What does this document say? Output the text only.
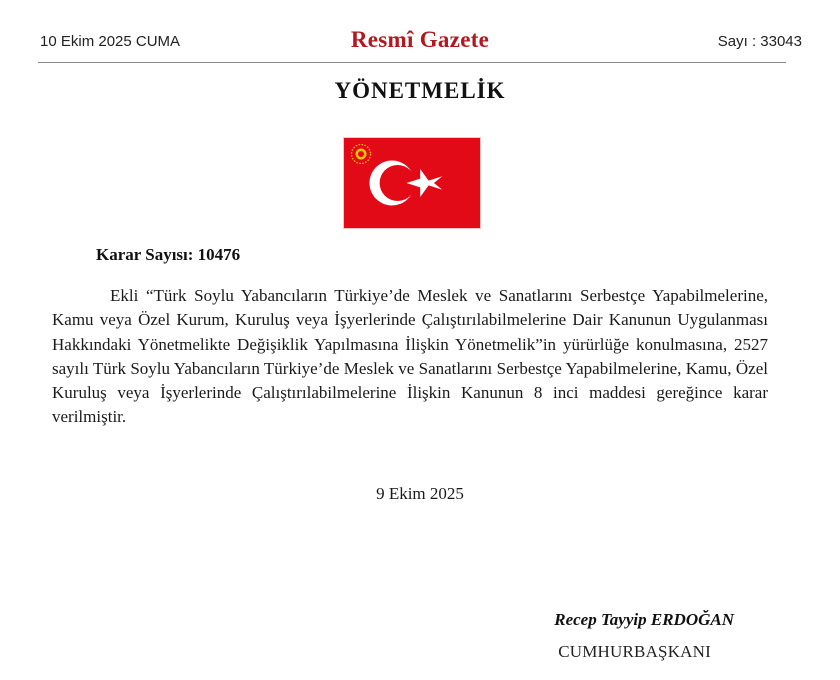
10 Ekim 2025 CUMA	Resmî Gazete	Sayı : 33043
YÖNETMELİK
Karar Sayısı: 10476
Ekli “Türk Soylu Yabancıların Türkiye’de Meslek ve Sanatlarını Serbestçe Yapabilmelerine, Kamu veya Özel Kurum, Kuruluş veya İşyerlerinde Çalıştırılabilmelerine Dair Kanunun Uygulanması Hakkındaki Yönetmelikte Değişiklik Yapılmasına İlişkin Yönetmelik”in yürürlüğe konulmasına, 2527 sayılı Türk Soylu Yabancıların Türkiye’de Meslek ve Sanatlarını Serbestçe Yapabilmelerine, Kamu, Özel Kuruluş veya İşyerlerinde Çalıştırılabilmelerine İlişkin Kanunun 8 inci maddesi gereğince karar verilmiştir.
9 Ekim 2025
Recep Tayyip ERDOĞAN
CUMHURBAŞKANI
